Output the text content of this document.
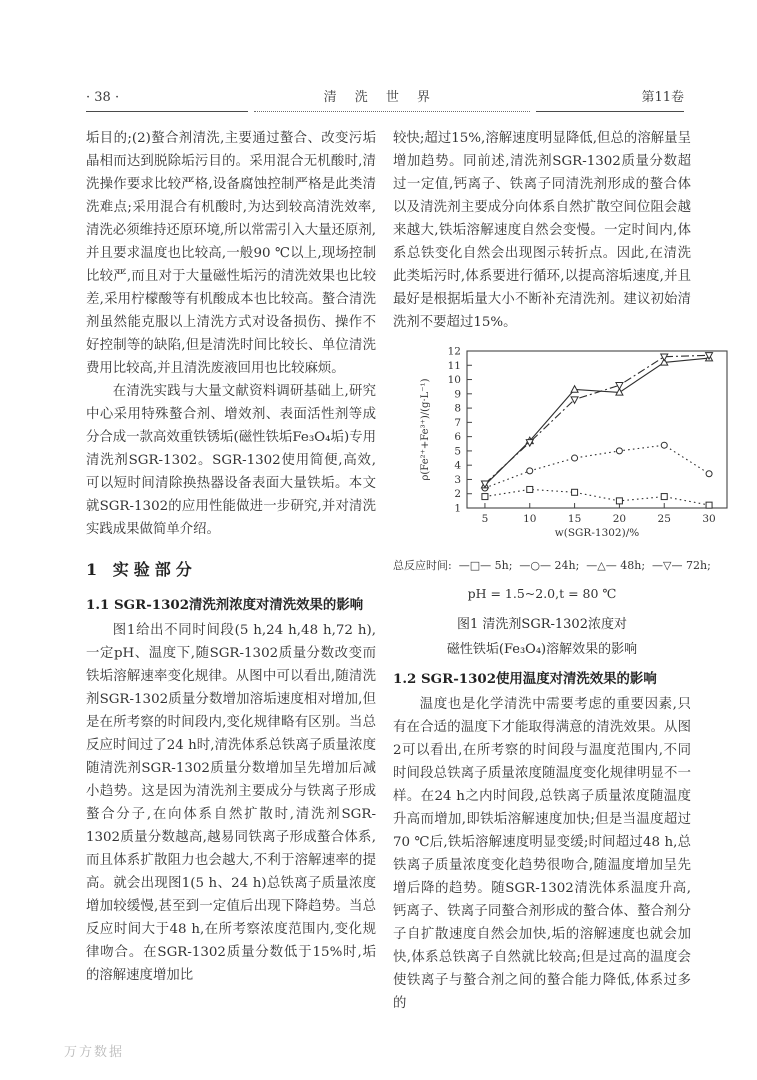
· 38 ·	清 洗 世 界	第11卷

垢目的;(2)螯合剂清洗,主要通过螯合、改变污垢晶相而达到脱除垢污目的。采用混合无机酸时,清洗操作要求比较严格,设备腐蚀控制严格是此类清洗难点;采用混合有机酸时,为达到较高清洗效率,清洗必须维持还原环境,所以常需引入大量还原剂,并且要求温度也比较高,一般90 ℃以上,现场控制比较严,而且对于大量磁性垢污的清洗效果也比较差,采用柠檬酸等有机酸成本也比较高。螯合清洗剂虽然能克服以上清洗方式对设备损伤、操作不好控制等的缺陷,但是清洗时间比较长、单位清洗费用比较高,并且清洗废液回用也比较麻烦。

在清洗实践与大量文献资料调研基础上,研究中心采用特殊螯合剂、增效剂、表面活性剂等成分合成一款高效重铁锈垢(磁性铁垢Fe₃O₄垢)专用清洗剂SGR-1302。SGR-1302使用简便,高效,可以短时间清除换热器设备表面大量铁垢。本文就SGR-1302的应用性能做进一步研究,并对清洗实践成果做简单介绍。

1 实验部分
1.1 SGR-1302清洗剂浓度对清洗效果的影响

图1给出不同时间段(5 h,24 h,48 h,72 h),一定pH、温度下,随SGR-1302质量分数改变而铁垢溶解速率变化规律。从图中可以看出,随清洗剂SGR-1302质量分数增加溶垢速度相对增加,但是在所考察的时间段内,变化规律略有区别。当总反应时间过了24 h时,清洗体系总铁离子质量浓度随清洗剂SGR-1302质量分数增加呈先增加后减小趋势。这是因为清洗剂主要成分与铁离子形成螯合分子,在向体系自然扩散时,清洗剂SGR-1302质量分数越高,越易同铁离子形成螯合体系,而且体系扩散阻力也会越大,不利于溶解速率的提高。就会出现图1(5 h、24 h)总铁离子质量浓度增加较缓慢,甚至到一定值后出现下降趋势。当总反应时间大于48 h,在所考察浓度范围内,变化规律吻合。在SGR-1302质量分数低于15%时,垢的溶解速度增加比

较快;超过15%,溶解速度明显降低,但总的溶解量呈增加趋势。同前述,清洗剂SGR-1302质量分数超过一定值,钙离子、铁离子同清洗剂形成的螯合体以及清洗剂主要成分向体系自然扩散空间位阻会越来越大,铁垢溶解速度自然会变慢。一定时间内,体系总铁变化自然会出现图示转折点。因此,在清洗此类垢污时,体系要进行循环,以提高溶垢速度,并且最好是根据垢量大小不断补充清洗剂。建议初始清洗剂不要超过15%。

1
2
3
4
5
6
7
8
9
10
11
12
5	10	15	20	25	30
w(SGR-1302)/%
ρ(Fe²⁺+Fe³⁺)/(g·L⁻¹)
总反应时间: —□— 5h; —○— 24h; —△— 48h; —▽— 72h;
pH = 1.5~2.0,t = 80 ℃
图1 清洗剂SGR-1302浓度对
磁性铁垢(Fe₃O₄)溶解效果的影响
1.2 SGR-1302使用温度对清洗效果的影响

温度也是化学清洗中需要考虑的重要因素,只有在合适的温度下才能取得满意的清洗效果。从图2可以看出,在所考察的时间段与温度范围内,不同时间段总铁离子质量浓度随温度变化规律明显不一样。在24 h之内时间段,总铁离子质量浓度随温度升高而增加,即铁垢溶解速度加快;但是当温度超过70 ℃后,铁垢溶解速度明显变缓;时间超过48 h,总铁离子质量浓度变化趋势很吻合,随温度增加呈先增后降的趋势。随SGR-1302清洗体系温度升高,钙离子、铁离子同螯合剂形成的螯合体、螯合剂分子自扩散速度自然会加快,垢的溶解速度也就会加快,体系总铁离子自然就比较高;但是过高的温度会使铁离子与螯合剂之间的螯合能力降低,体系过多的

万方数据
